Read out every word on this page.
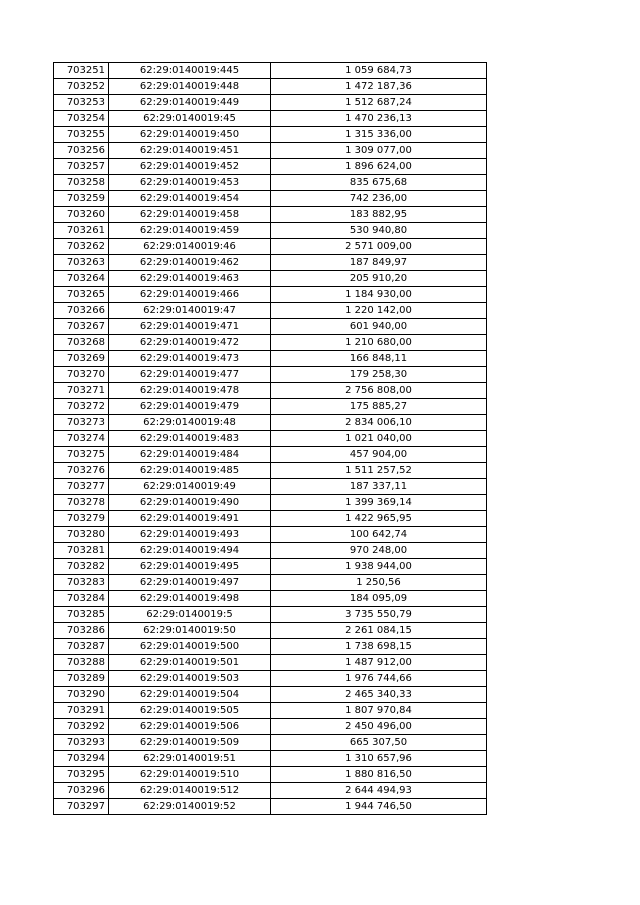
703251	62:29:0140019:445	1 059 684,73
703252	62:29:0140019:448	1 472 187,36
703253	62:29:0140019:449	1 512 687,24
703254	62:29:0140019:45	1 470 236,13
703255	62:29:0140019:450	1 315 336,00
703256	62:29:0140019:451	1 309 077,00
703257	62:29:0140019:452	1 896 624,00
703258	62:29:0140019:453	835 675,68
703259	62:29:0140019:454	742 236,00
703260	62:29:0140019:458	183 882,95
703261	62:29:0140019:459	530 940,80
703262	62:29:0140019:46	2 571 009,00
703263	62:29:0140019:462	187 849,97
703264	62:29:0140019:463	205 910,20
703265	62:29:0140019:466	1 184 930,00
703266	62:29:0140019:47	1 220 142,00
703267	62:29:0140019:471	601 940,00
703268	62:29:0140019:472	1 210 680,00
703269	62:29:0140019:473	166 848,11
703270	62:29:0140019:477	179 258,30
703271	62:29:0140019:478	2 756 808,00
703272	62:29:0140019:479	175 885,27
703273	62:29:0140019:48	2 834 006,10
703274	62:29:0140019:483	1 021 040,00
703275	62:29:0140019:484	457 904,00
703276	62:29:0140019:485	1 511 257,52
703277	62:29:0140019:49	187 337,11
703278	62:29:0140019:490	1 399 369,14
703279	62:29:0140019:491	1 422 965,95
703280	62:29:0140019:493	100 642,74
703281	62:29:0140019:494	970 248,00
703282	62:29:0140019:495	1 938 944,00
703283	62:29:0140019:497	1 250,56
703284	62:29:0140019:498	184 095,09
703285	62:29:0140019:5	3 735 550,79
703286	62:29:0140019:50	2 261 084,15
703287	62:29:0140019:500	1 738 698,15
703288	62:29:0140019:501	1 487 912,00
703289	62:29:0140019:503	1 976 744,66
703290	62:29:0140019:504	2 465 340,33
703291	62:29:0140019:505	1 807 970,84
703292	62:29:0140019:506	2 450 496,00
703293	62:29:0140019:509	665 307,50
703294	62:29:0140019:51	1 310 657,96
703295	62:29:0140019:510	1 880 816,50
703296	62:29:0140019:512	2 644 494,93
703297	62:29:0140019:52	1 944 746,50
